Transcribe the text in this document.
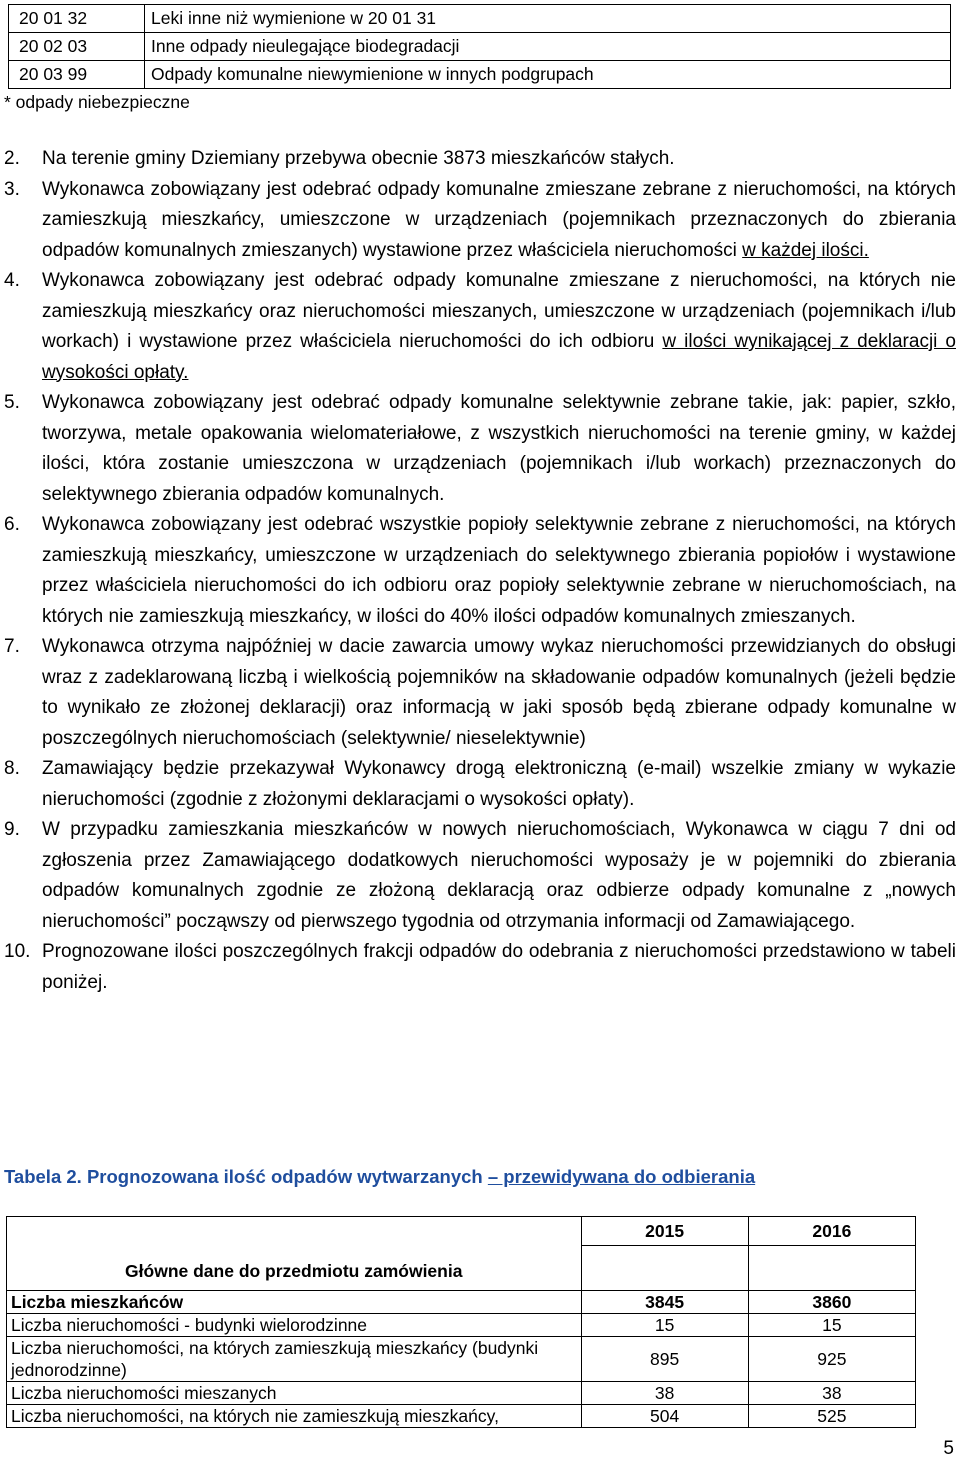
20 01 32	Leki inne niż wymienione w 20 01 31
20 02 03	Inne odpady nieulegające biodegradacji
20 03 99	Odpady komunalne niewymienione w innych podgrupach
* odpady niebezpieczne
2.	Na terenie gminy Dziemiany przebywa obecnie 3873 mieszkańców stałych.
3.	Wykonawca zobowiązany jest odebrać odpady komunalne zmieszane zebrane z nieruchomości, na których zamieszkują mieszkańcy, umieszczone w urządzeniach (pojemnikach przeznaczonych do zbierania odpadów komunalnych zmieszanych) wystawione przez właściciela nieruchomości w każdej ilości.
4.	Wykonawca zobowiązany jest odebrać odpady komunalne zmieszane z nieruchomości, na których nie zamieszkują mieszkańcy oraz nieruchomości mieszanych, umieszczone w urządzeniach (pojemnikach i/lub workach) i wystawione przez właściciela nieruchomości do ich odbioru w ilości wynikającej z deklaracji o wysokości opłaty.
5.	Wykonawca zobowiązany jest odebrać odpady komunalne selektywnie zebrane takie, jak: papier, szkło, tworzywa, metale opakowania wielomateriałowe, z wszystkich nieruchomości na terenie gminy, w każdej ilości, która zostanie umieszczona w urządzeniach (pojemnikach i/lub workach) przeznaczonych do selektywnego zbierania odpadów komunalnych.
6.	Wykonawca zobowiązany jest odebrać wszystkie popioły selektywnie zebrane z nieruchomości, na których zamieszkują mieszkańcy, umieszczone w urządzeniach do selektywnego zbierania popiołów i wystawione przez właściciela nieruchomości do ich odbioru oraz popioły selektywnie zebrane w nieruchomościach, na których nie zamieszkują mieszkańcy, w ilości do 40% ilości odpadów komunalnych zmieszanych.
7.	Wykonawca otrzyma najpóźniej w dacie zawarcia umowy wykaz nieruchomości przewidzianych do obsługi wraz z zadeklarowaną liczbą i wielkością pojemników na składowanie odpadów komunalnych (jeżeli będzie to wynikało ze złożonej deklaracji) oraz informacją w jaki sposób będą zbierane odpady komunalne w poszczególnych nieruchomościach (selektywnie/ nieselektywnie)
8.	Zamawiający będzie przekazywał Wykonawcy drogą elektroniczną (e-mail) wszelkie zmiany w wykazie nieruchomości (zgodnie z złożonymi deklaracjami o wysokości opłaty).
9.	W przypadku zamieszkania mieszkańców w nowych nieruchomościach, Wykonawca w ciągu 7 dni od zgłoszenia przez Zamawiającego dodatkowych nieruchomości wyposaży je w pojemniki do zbierania odpadów komunalnych zgodnie ze złożoną deklaracją oraz odbierze odpady komunalne z „nowych nieruchomości” począwszy od pierwszego tygodnia od otrzymania informacji od Zamawiającego.
10. Prognozowane ilości poszczególnych frakcji odpadów do odebrania z nieruchomości przedstawiono w tabeli poniżej.
Tabela 2. Prognozowana ilość odpadów wytwarzanych – przewidywana do odbierania
Główne dane do przedmiotu zamówienia	2015	2016

Liczba mieszkańców	3845	3860
Liczba nieruchomości - budynki wielorodzinne	15	15

Liczba nieruchomości, na których zamieszkują mieszkańcy (budynki jednorodzinne)	895	925
Liczba nieruchomości mieszanych	38	38
Liczba nieruchomości, na których nie zamieszkują mieszkańcy,	504	525
5
